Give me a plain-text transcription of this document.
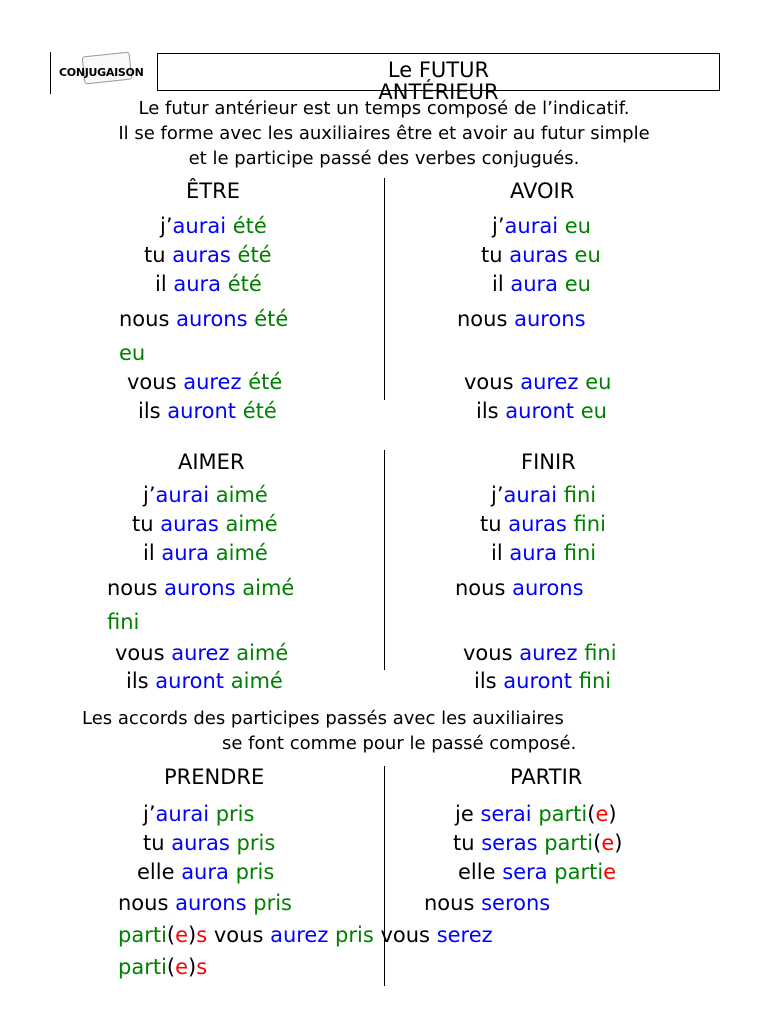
CONJUGAISON	Le FUTUR
ANTÉRIEUR
Le futur antérieur est un temps composé de l’indicatif.
Il se forme avec les auxiliaires être et avoir au futur simple
et le participe passé des verbes conjugués.
ÊTRE
j’aurai été
tu auras été
il aura été
nous aurons été
eu
vous aurez été
ils auront été
AVOIR
j’aurai eu
tu auras eu
il aura eu
nous aurons
vous aurez eu
ils auront eu
AIMER
j’aurai aimé
tu auras aimé
il aura aimé
nous aurons aimé
fini
vous aurez aimé
ils auront aimé
FINIR
j’aurai fini
tu auras fini
il aura fini
nous aurons
vous aurez fini
ils auront fini
Les accords des participes passés avec les auxiliaires
se font comme pour le passé composé.
PRENDRE
j’aurai pris
tu auras pris
elle aura pris
nous aurons pris
PARTIR
je serai parti(e)
tu seras parti(e)
elle sera partie
nous serons
parti(e)s vous aurez pris vous serez
parti(e)s
